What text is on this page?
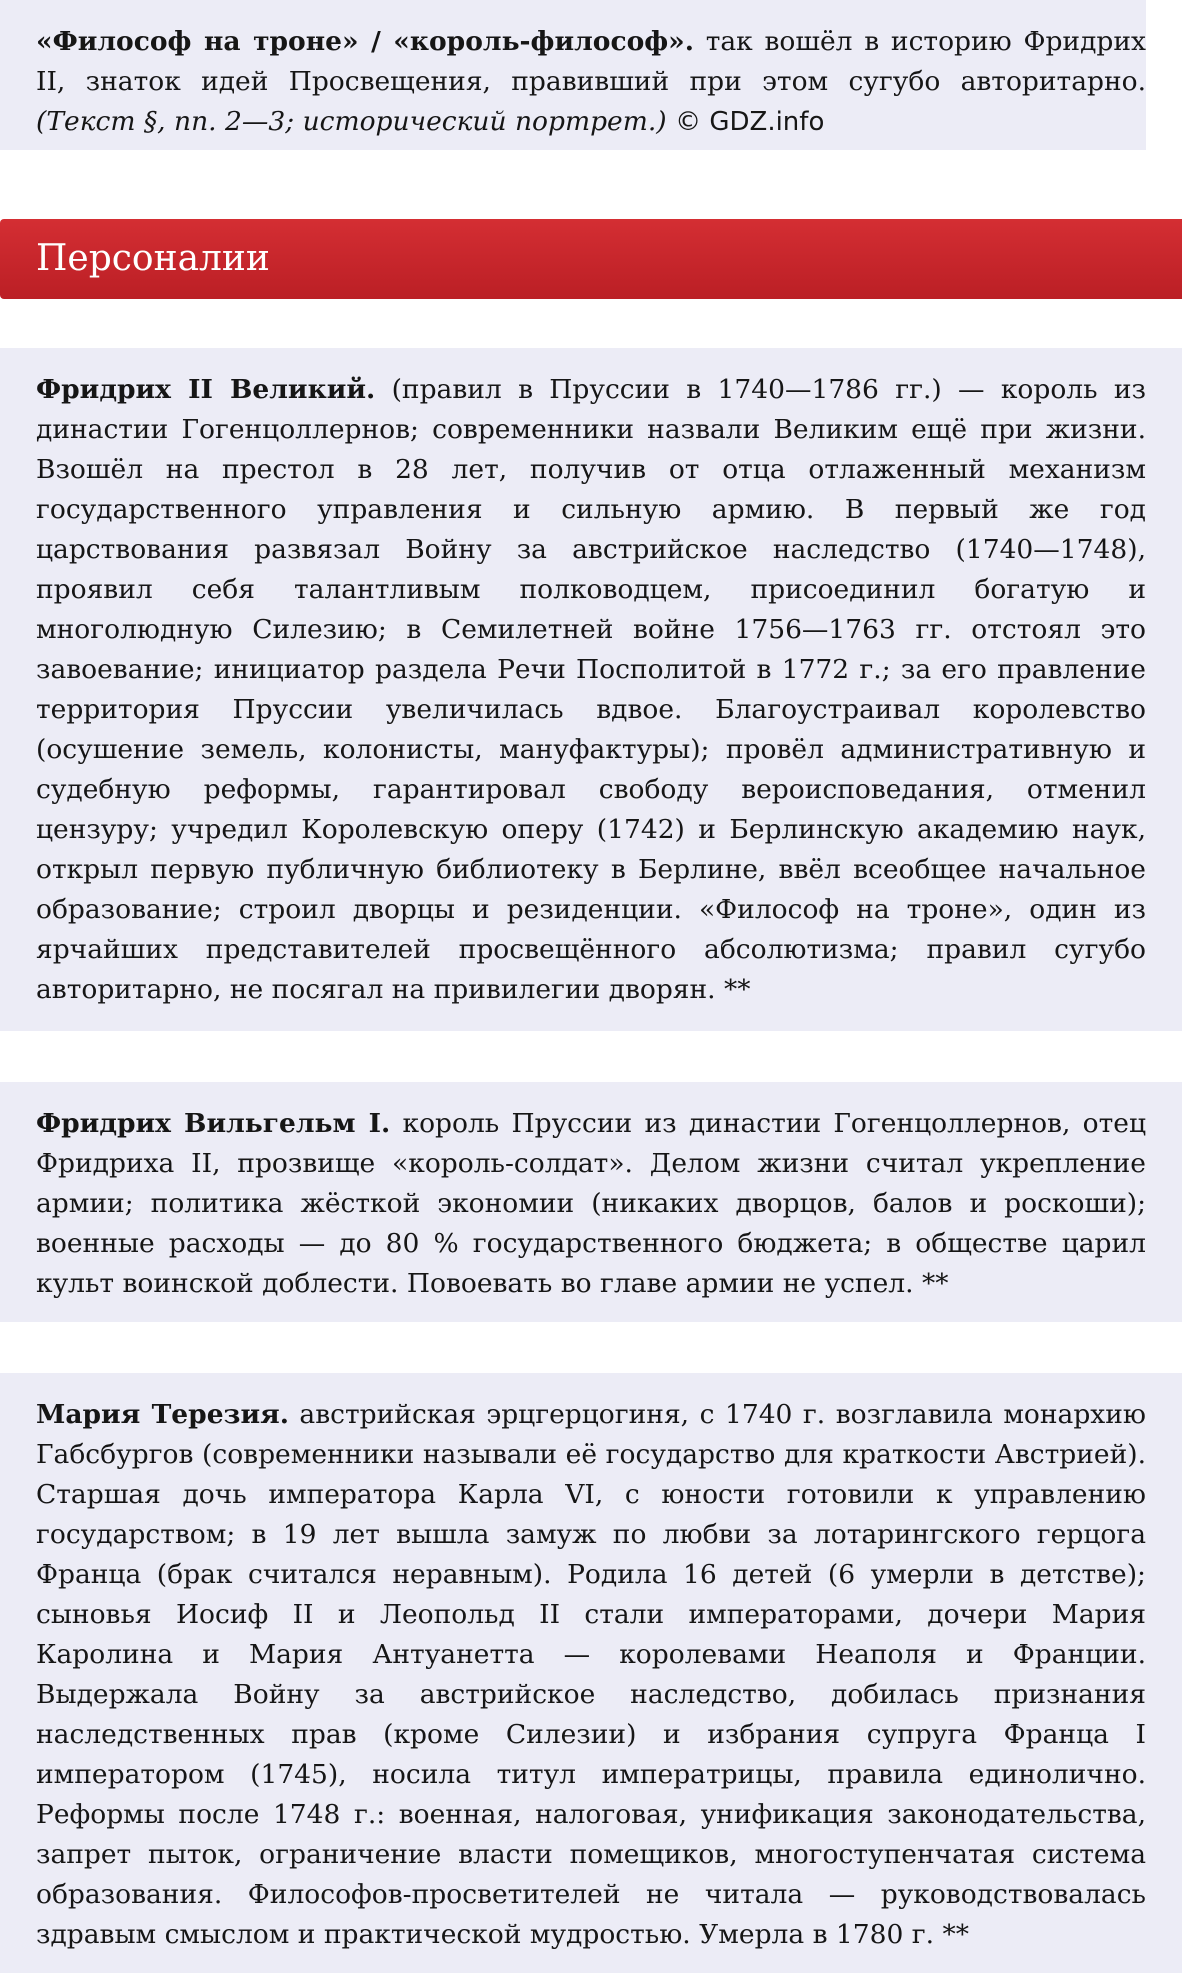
«Философ на троне» / «король-философ». так вошёл в историю Фридрих II, знаток идей Просвещения, правивший при этом сугубо авторитарно. (Текст §, пп. 2—3; исторический портрет.) © GDZ.info

Персоналии

Фридрих II Великий. (правил в Пруссии в 1740—1786 гг.) — король из династии Гогенцоллернов; современники назвали Великим ещё при жизни. Взошёл на престол в 28 лет, получив от отца отлаженный механизм государственного управления и сильную армию. В первый же год царствования развязал Войну за австрийское наследство (1740—1748), проявил себя талантливым полководцем, присоединил богатую и многолюдную Силезию; в Семилетней войне 1756—1763 гг. отстоял это завоевание; инициатор раздела Речи Посполитой в 1772 г.; за его правление территория Пруссии увеличилась вдвое. Благоустраивал королевство (осушение земель, колонисты, мануфактуры); провёл административную и судебную реформы, гарантировал свободу вероисповедания, отменил цензуру; учредил Королевскую оперу (1742) и Берлинскую академию наук, открыл первую публичную библиотеку в Берлине, ввёл всеобщее начальное образование; строил дворцы и резиденции. «Философ на троне», один из ярчайших представителей просвещённого абсолютизма; правил сугубо авторитарно, не посягал на привилегии дворян. **

Фридрих Вильгельм I. король Пруссии из династии Гогенцоллернов, отец Фридриха II, прозвище «король-солдат». Делом жизни считал укрепление армии; политика жёсткой экономии (никаких дворцов, балов и роскоши); военные расходы — до 80 % государственного бюджета; в обществе царил культ воинской доблести. Повоевать во главе армии не успел. **

Мария Терезия. австрийская эрцгерцогиня, с 1740 г. возглавила монархию Габсбургов (современники называли её государство для краткости Австрией). Старшая дочь императора Карла VI, с юности готовили к управлению государством; в 19 лет вышла замуж по любви за лотарингского герцога Франца (брак считался неравным). Родила 16 детей (6 умерли в детстве); сыновья Иосиф II и Леопольд II стали императорами, дочери Мария Каролина и Мария Антуанетта — королевами Неаполя и Франции. Выдержала Войну за австрийское наследство, добилась признания наследственных прав (кроме Силезии) и избрания супруга Франца I императором (1745), носила титул императрицы, правила единолично. Реформы после 1748 г.: военная, налоговая, унификация законодательства, запрет пыток, ограничение власти помещиков, многоступенчатая система образования. Философов-просветителей не читала — руководствовалась здравым смыслом и практической мудростью. Умерла в 1780 г. **
